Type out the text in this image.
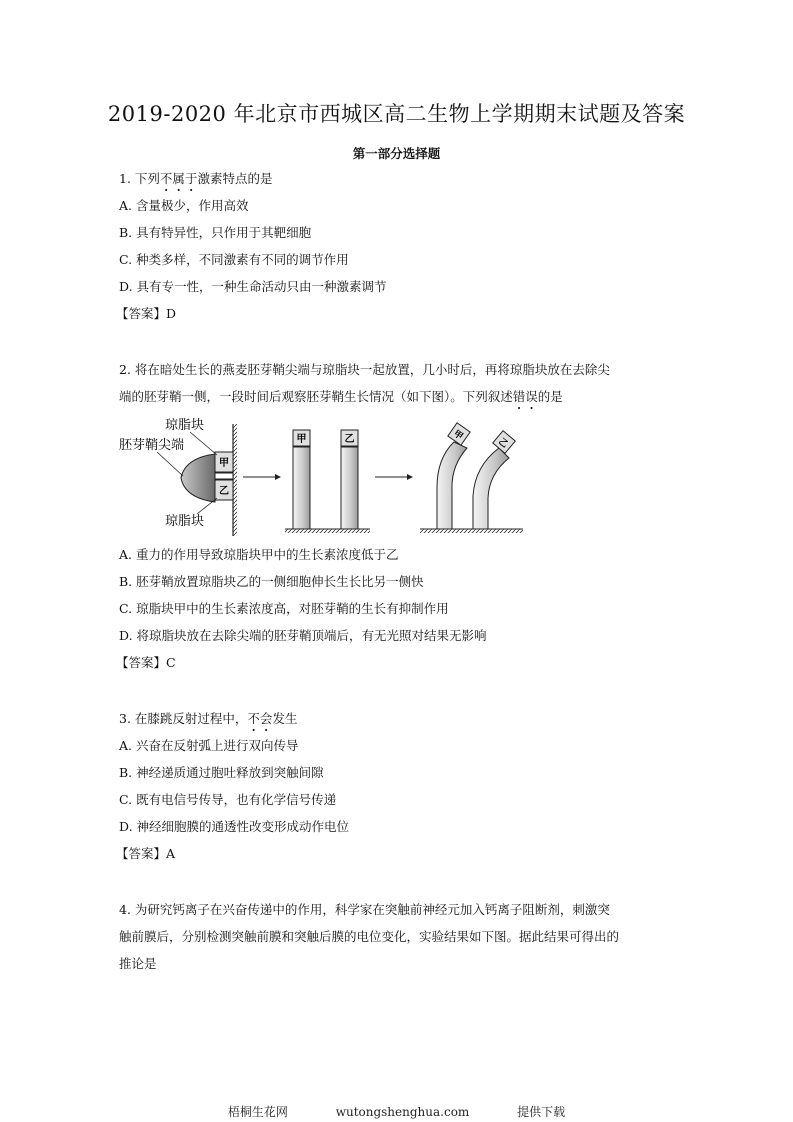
2019-2020 年北京市西城区高二生物上学期期末试题及答案
第一部分选择题
1. 下列不属于激素特点的是
A. 含量极少，作用高效
B. 具有特异性，只作用于其靶细胞
C. 种类多样，不同激素有不同的调节作用
D. 具有专一性，一种生命活动只由一种激素调节
【答案】D
2. 将在暗处生长的燕麦胚芽鞘尖端与琼脂块一起放置，几小时后，再将琼脂块放在去除尖
端的胚芽鞘一侧，一段时间后观察胚芽鞘生长情况（如下图）。下列叙述错误的是
甲
乙
琼脂块
胚芽鞘尖端
琼脂块
甲	乙	甲
乙
A. 重力的作用导致琼脂块甲中的生长素浓度低于乙
B. 胚芽鞘放置琼脂块乙的一侧细胞伸长生长比另一侧快
C. 琼脂块甲中的生长素浓度高，对胚芽鞘的生长有抑制作用
D. 将琼脂块放在去除尖端的胚芽鞘顶端后，有无光照对结果无影响
【答案】C
3. 在膝跳反射过程中，不会发生
A. 兴奋在反射弧上进行双向传导
B. 神经递质通过胞吐释放到突触间隙
C. 既有电信号传导，也有化学信号传递
D. 神经细胞膜的通透性改变形成动作电位
【答案】A
4. 为研究钙离子在兴奋传递中的作用，科学家在突触前神经元加入钙离子阻断剂，刺激突
触前膜后，分别检测突触前膜和突触后膜的电位变化，实验结果如下图。据此结果可得出的
推论是
梧桐生花网	wutongshenghua.com	提供下载
